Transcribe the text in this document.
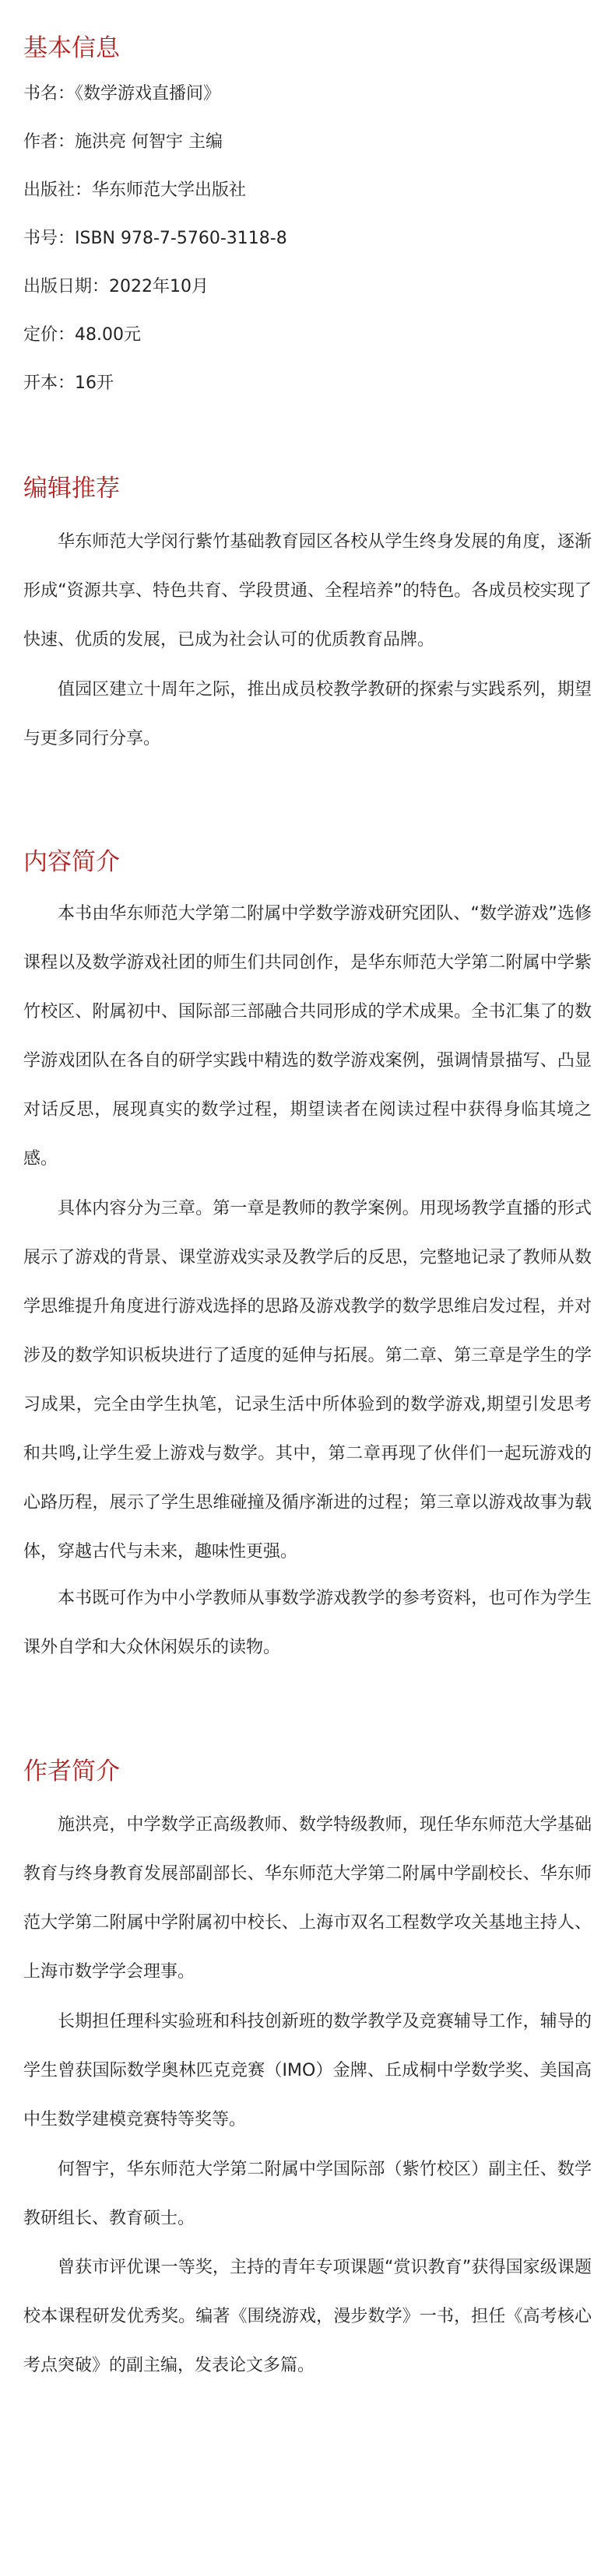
基本信息

书名：《数学游戏直播间》

作者：施洪亮 何智宇 主编

出版社：华东师范大学出版社

书号：ISBN 978-7-5760-3118-8

出版日期：2022年10月

定价：48.00元

开本：16开

编辑推荐

华东师范大学闵行紫竹基础教育园区各校从学生终身发展的角度，逐渐形成“资源共享、特色共育、学段贯通、全程培养”的特色。各成员校实现了快速、优质的发展，已成为社会认可的优质教育品牌。

值园区建立十周年之际，推出成员校教学教研的探索与实践系列，期望与更多同行分享。

内容简介

本书由华东师范大学第二附属中学数学游戏研究团队、“数学游戏”选修课程以及数学游戏社团的师生们共同创作，是华东师范大学第二附属中学紫竹校区、附属初中、国际部三部融合共同形成的学术成果。全书汇集了的数学游戏团队在各自的研学实践中精选的数学游戏案例，强调情景描写、凸显对话反思，展现真实的数学过程，期望读者在阅读过程中获得身临其境之感。

具体内容分为三章。第一章是教师的教学案例。用现场教学直播的形式展示了游戏的背景、课堂游戏实录及教学后的反思，完整地记录了教师从数学思维提升角度进行游戏选择的思路及游戏教学的数学思维启发过程，并对涉及的数学知识板块进行了适度的延伸与拓展。第二章、第三章是学生的学习成果，完全由学生执笔，记录生活中所体验到的数学游戏,期望引发思考和共鸣,让学生爱上游戏与数学。其中，第二章再现了伙伴们一起玩游戏的心路历程，展示了学生思维碰撞及循序渐进的过程；第三章以游戏故事为载体，穿越古代与未来，趣味性更强。

本书既可作为中小学教师从事数学游戏教学的参考资料，也可作为学生课外自学和大众休闲娱乐的读物。

作者简介

施洪亮，中学数学正高级教师、数学特级教师，现任华东师范大学基础教育与终身教育发展部副部长、华东师范大学第二附属中学副校长、华东师范大学第二附属中学附属初中校长、上海市双名工程数学攻关基地主持人、上海市数学学会理事。

长期担任理科实验班和科技创新班的数学教学及竞赛辅导工作，辅导的学生曾获国际数学奥林匹克竞赛（IMO）金牌、丘成桐中学数学奖、美国高中生数学建模竞赛特等奖等。

何智宇，华东师范大学第二附属中学国际部（紫竹校区）副主任、数学教研组长、教育硕士。

曾获市评优课一等奖，主持的青年专项课题“赏识教育”获得国家级课题校本课程研发优秀奖。编著《围绕游戏，漫步数学》一书，担任《高考核心考点突破》的副主编，发表论文多篇。
